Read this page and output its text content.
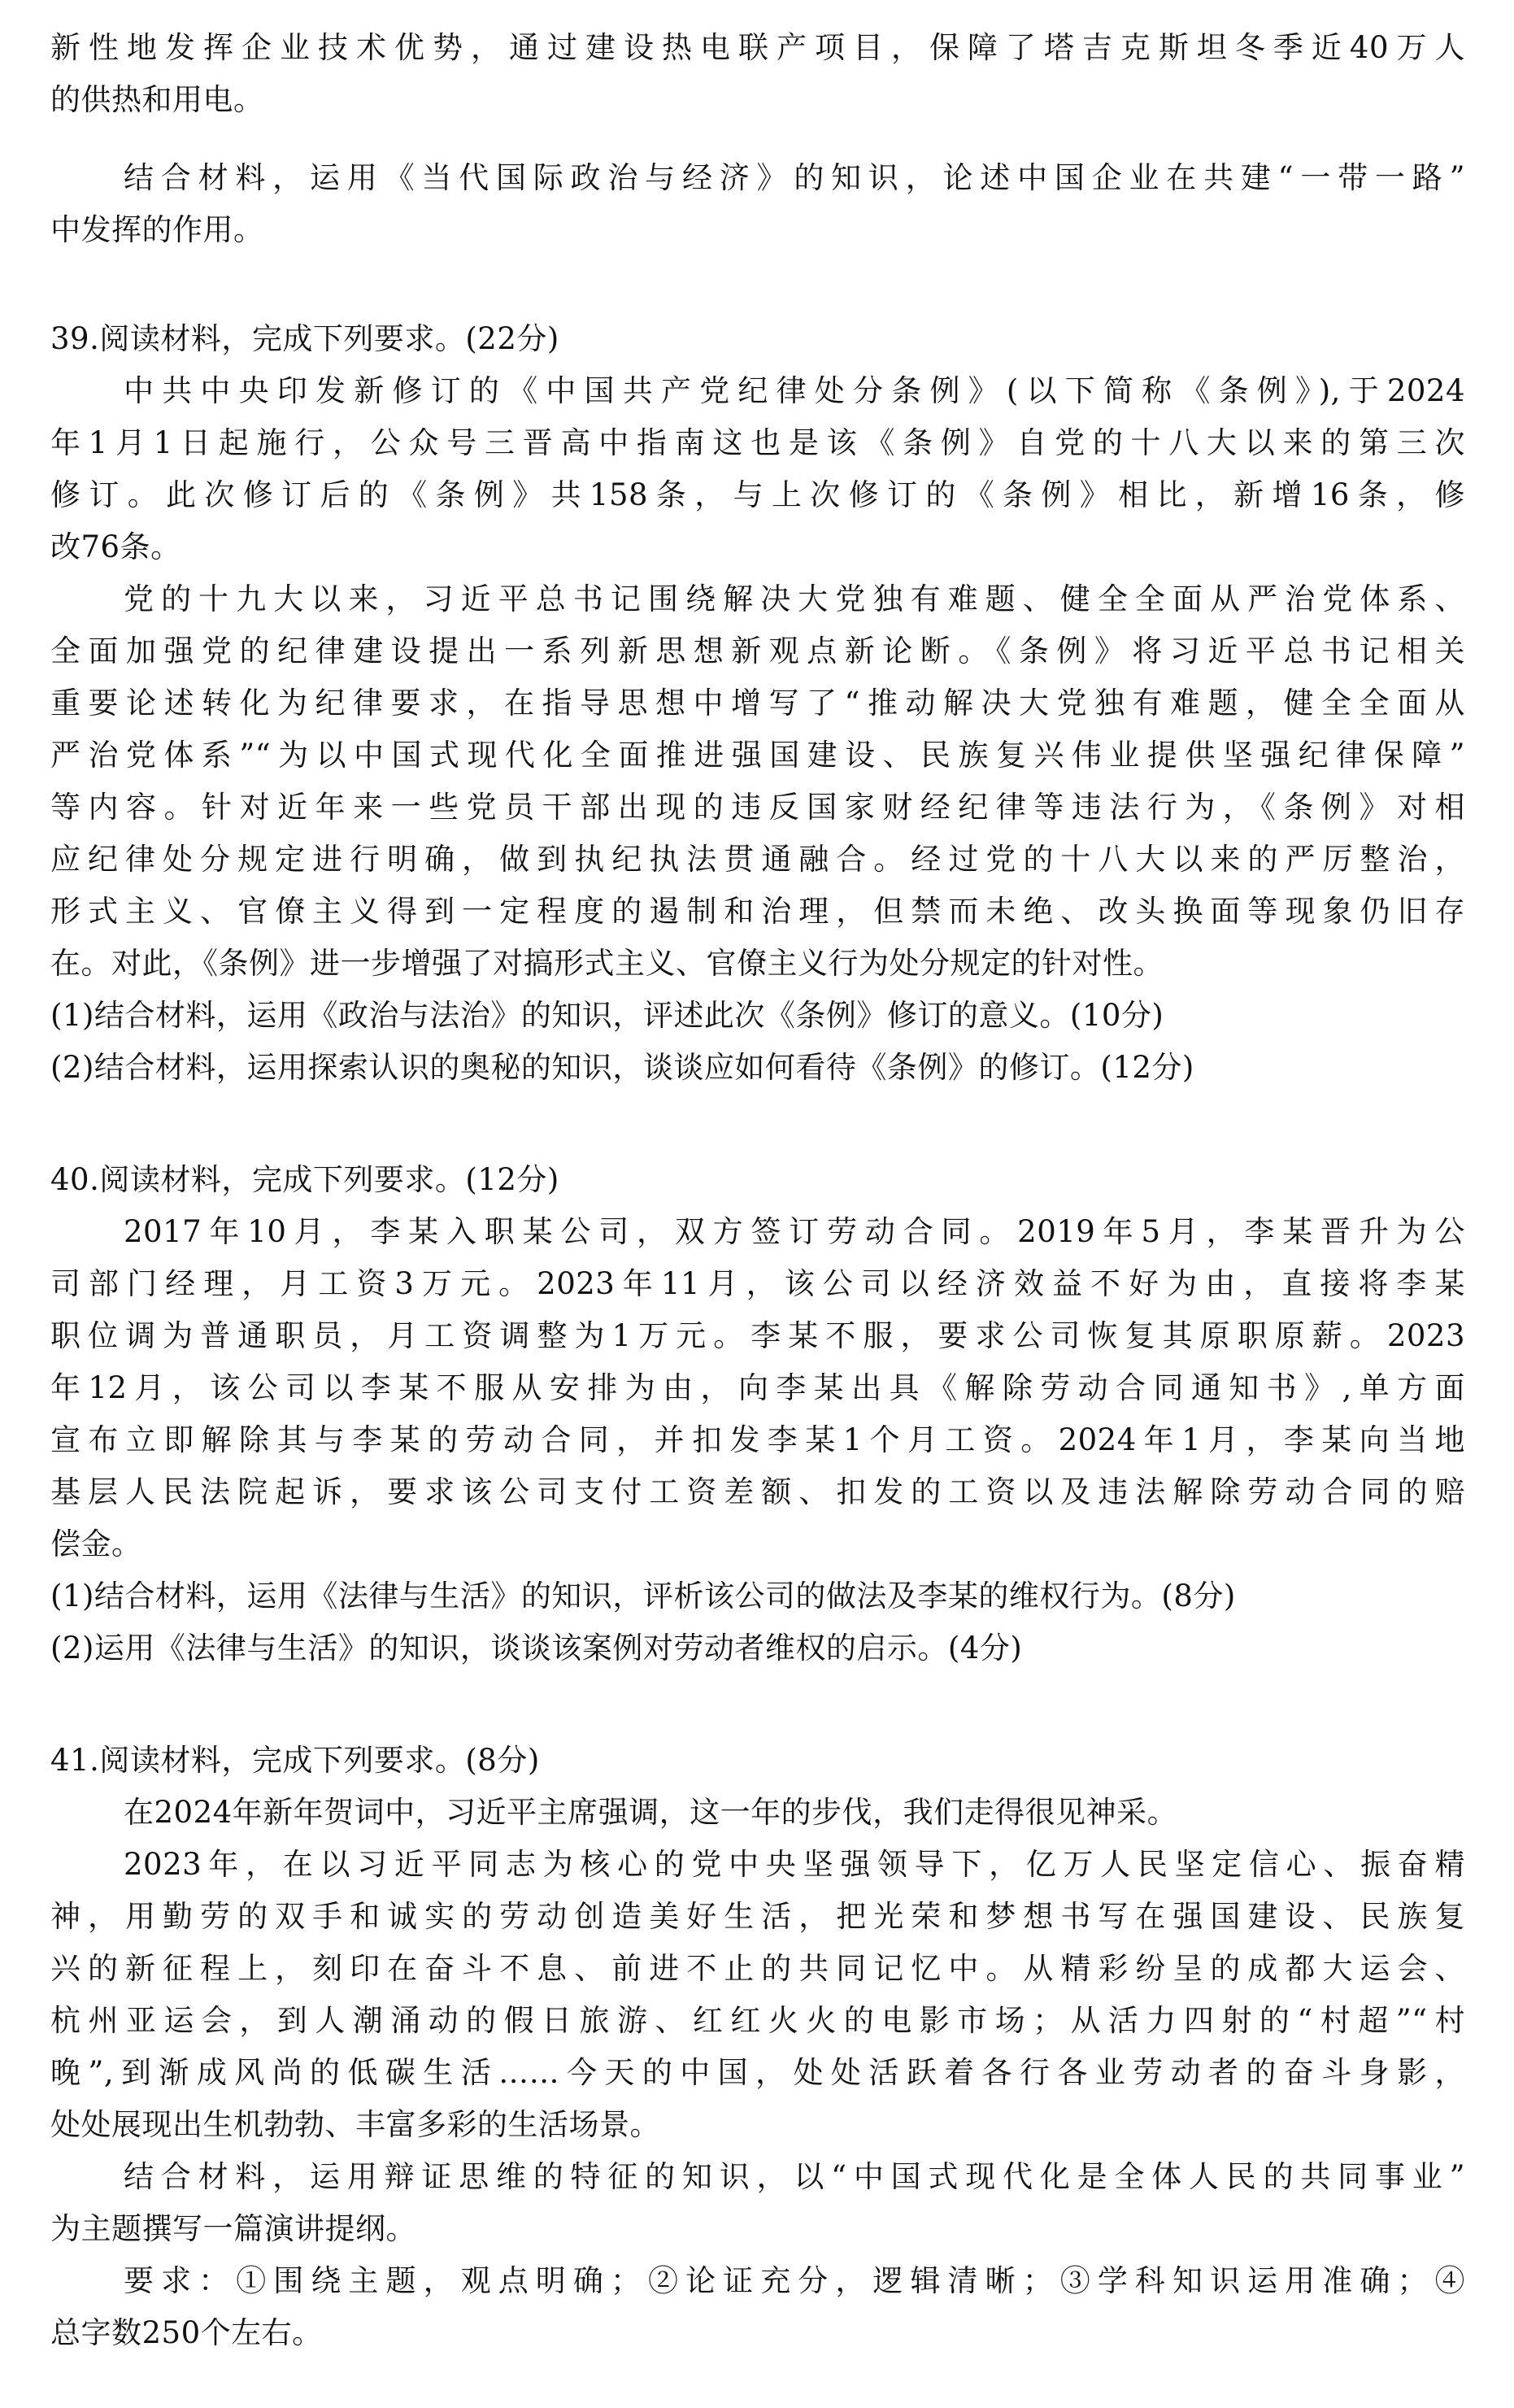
新性地发挥企业技术优势，通过建设热电联产项目，保障了塔吉克斯坦冬季近40万人
的供热和用电。
结合材料，运用《当代国际政治与经济》的知识，论述中国企业在共建“一带一路”
中发挥的作用。
39.阅读材料，完成下列要求。(22分)
中共中央印发新修订的《中国共产党纪律处分条例》(以下简称《条例》),于2024
年1月1日起施行，公众号三晋高中指南这也是该《条例》自党的十八大以来的第三次
修订。此次修订后的《条例》共158条，与上次修订的《条例》相比，新增16条，修
改76条。
党的十九大以来，习近平总书记围绕解决大党独有难题、健全全面从严治党体系、
全面加强党的纪律建设提出一系列新思想新观点新论断。《条例》将习近平总书记相关
重要论述转化为纪律要求，在指导思想中增写了“推动解决大党独有难题，健全全面从
严治党体系”“为以中国式现代化全面推进强国建设、民族复兴伟业提供坚强纪律保障”
等内容。针对近年来一些党员干部出现的违反国家财经纪律等违法行为，《条例》对相
应纪律处分规定进行明确，做到执纪执法贯通融合。经过党的十八大以来的严厉整治，
形式主义、官僚主义得到一定程度的遏制和治理，但禁而未绝、改头换面等现象仍旧存
在。对此，《条例》进一步增强了对搞形式主义、官僚主义行为处分规定的针对性。
(1)结合材料，运用《政治与法治》的知识，评述此次《条例》修订的意义。(10分)
(2)结合材料，运用探索认识的奥秘的知识，谈谈应如何看待《条例》的修订。(12分)
40.阅读材料，完成下列要求。(12分)
2017年10月，李某入职某公司，双方签订劳动合同。2019年5月，李某晋升为公
司部门经理，月工资3万元。2023年11月，该公司以经济效益不好为由，直接将李某
职位调为普通职员，月工资调整为1万元。李某不服，要求公司恢复其原职原薪。2023
年12月，该公司以李某不服从安排为由，向李某出具《解除劳动合同通知书》,单方面
宣布立即解除其与李某的劳动合同，并扣发李某1个月工资。2024年1月，李某向当地
基层人民法院起诉，要求该公司支付工资差额、扣发的工资以及违法解除劳动合同的赔
偿金。
(1)结合材料，运用《法律与生活》的知识，评析该公司的做法及李某的维权行为。(8分)
(2)运用《法律与生活》的知识，谈谈该案例对劳动者维权的启示。(4分)
41.阅读材料，完成下列要求。(8分)
在2024年新年贺词中，习近平主席强调，这一年的步伐，我们走得很见神采。
2023年，在以习近平同志为核心的党中央坚强领导下，亿万人民坚定信心、振奋精
神，用勤劳的双手和诚实的劳动创造美好生活，把光荣和梦想书写在强国建设、民族复
兴的新征程上，刻印在奋斗不息、前进不止的共同记忆中。从精彩纷呈的成都大运会、
杭州亚运会，到人潮涌动的假日旅游、红红火火的电影市场；从活力四射的“村超”“村
晚”,到渐成风尚的低碳生活……今天的中国，处处活跃着各行各业劳动者的奋斗身影，
处处展现出生机勃勃、丰富多彩的生活场景。
结合材料，运用辩证思维的特征的知识，以“中国式现代化是全体人民的共同事业”
为主题撰写一篇演讲提纲。
要求：①围绕主题，观点明确；②论证充分，逻辑清晰；③学科知识运用准确；④
总字数250个左右。
